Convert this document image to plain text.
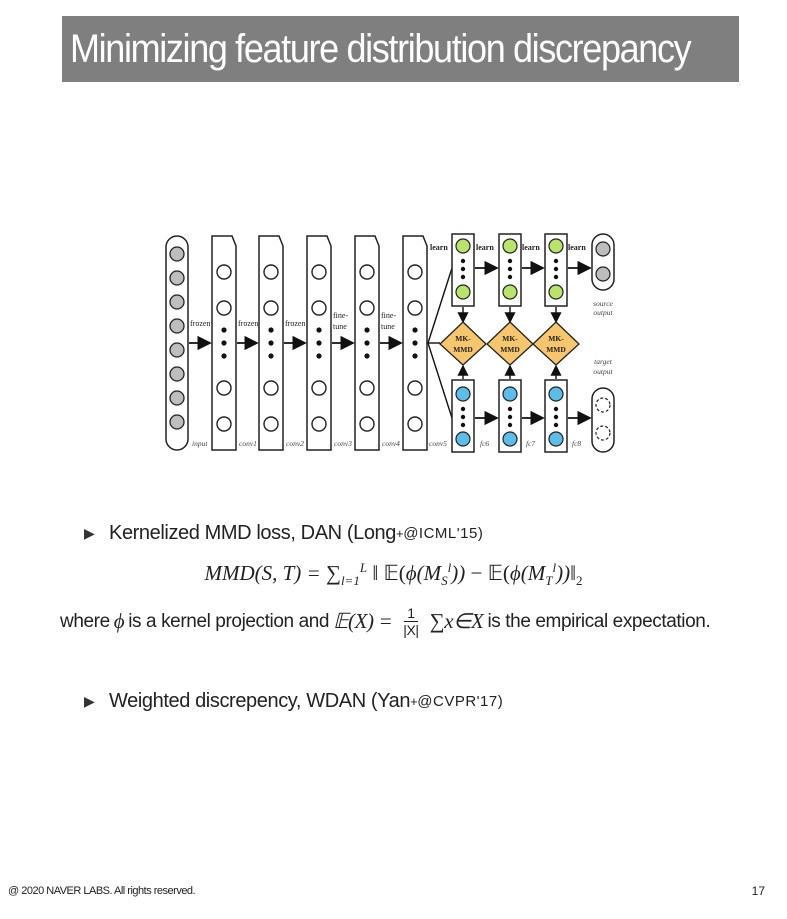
Minimizing feature distribution discrepancy
frozen	frozen	frozen
fine-
tune
fine-
tune
input	conv1	conv2	conv3	conv4	conv5	fc6	fc7	fc8
learn	learn	learn	learn
MK-
MMD
MK-
MMD
MK-
MMD
source
output
target
output
▶ Kernelized MMD loss, DAN (Long + @ICML'15)
MMD(S, $T) = \sum_{l=1}^L$ ‖ $𝔼(\phi(M_S^l))$ − $𝔼(\phi(M_T^l))‖_2$
where ϕ is a kernel projection and 𝔼(X) = $\frac{1}{|X|}$ ∑x∈X is the empirical expectation.
▶ Weighted discrepency, WDAN (Yan + @CVPR'17)
@ 2020 NAVER LABS. All rights reserved.	17
